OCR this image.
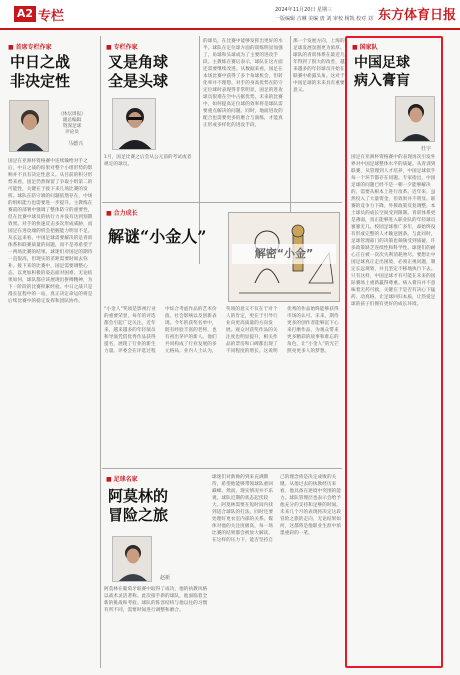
A2 专栏	2024年11月20日 星期三
一版编辑 吉琳 美编 唐 刘 审校 杨凯 校对 刘 东方体育日报
■ 首席专栏作家
中日之战
非决定性
《体坛周报》
副总编辑
资深足球
评论员
马德兴
国足在亚洲杯资格赛中连续输给对手之后，中日之战的结果对整个小组形势的影响并不具有决定性意义。从目前的积分形势来看，国足仍然保留了争取小组第二的可能性，关键在于接下来几场比赛的发挥。球队在防守端的问题依然存在，中场的组织能力也需要进一步提升。主教练在赛前的部署中强调了整体防守的重要性，但在比赛中球员的执行力并没有达到预期效果。对手的快速反击多次形成威胁，而国足在进攻端的机会把握能力明显不足。从长远来看，中国足球需要解决的是青训体系和联赛质量的问题，而不是寄希望于一两场比赛的结果。球迷们对国足的期待一直很高，但现实的差距需要时间去弥补。接下来的比赛中，国足需要调整心态，以更加积极的姿态面对困难。无论结果如何，球队都应该展现出拼搏精神，为下一阶段的比赛积累经验。中日之战只是漫长征程中的一站，真正决定命运的将是后续比赛中的稳定发挥和团队协作。
■ 专栏作家
叉是角球
全是头球
1月，国足比赛之后会从公元前的考试或者规定的球员。
的球员，在比赛中能够发挥出更好的水平。球队在定位球方面的训练明显加强了，角球和头球成为了主要的进攻手段。主教练在赛后表示，球队在这方面还需要继续改进。从数据来看，国足在本场比赛中获得了多个角球机会，但转化率并不理想。对手的身高优势在防守定位球时表现得非常明显，国足的进攻球员很难在空中占据优势。未来的比赛中，如何提高定位球的效率将是球队需要重点解决的问题。同时，地面进攻的配合也需要更多的磨合与演练，才能真正形成多样化的进攻手段。
那一个发展方向，上海的足球发展氛围更为浓厚。球队的青训体系在最近几年得到了很大的改善，越来越多的年轻球员开始在联赛中崭露头角。这对于中国足球的未来具有重要意义。
■ 合力成长
解谜“小金人”
解密“小金”
“小金人”奖项是影视行业的重要荣誉，每年的评选都会引起广泛关注。近年来，越来越多的年轻演员和导演凭借优秀作品获得提名，展现了行业的新生力量。评委会在评选过程中综合考虑作品的艺术价值、社会影响以及创新表现。今年的获奖名单中，既有经验丰富的老将，也有初出茅庐的新人。他们共同构成了行业发展的多元格局。业内人士认为，奖项的意义不仅在于对个人的肯定，更在于引导行业向更高质量的方向发展。观众对获奖作品的关注度也明显提升，相关作品的票房和口碑都出现了不同程度的增长。这说明优秀的作品始终能够获得市场的认可。未来，期待更多的创作者能够沉下心来打磨作品，为观众带来更多精彩的故事和难忘的角色，让“小金人”的光芒照亮更多人的梦想。
■ 足球名家
阿莫林的
冒险之旅
赵新
阿莫林在葡萄牙联赛中取得了成功，他的执教风格以战术灵活著称。此次接手新的球队，他面临着全新的挑战和考验。球队的阵容结构与他以往的习惯有所不同，需要时间进行调整和磨合。
球迷们对新帅的到来充满期待，希望他能够带领球队重回巅峰。然而，现实情况并不乐观，球队近期的状态起伏较大。阿莫林需要在短时间内找到适合球队的打法，同时还要处理好更衣室内部的关系。媒体对他的关注度极高，每一场比赛的结果都会被放大解读。在这样的压力下，能否坚持自己的理念将是决定成败的关键。从他过去的执教经历来看，他具备在逆境中突围的能力。球队管理层也表示会给予他充分的支持和足够的时间。未来几个月的表现将决定这段冒险之旅的走向，无论结果如何，这都将是他职业生涯中浓墨重彩的一笔。
■ 国家队
中国足球
病入膏肓
杜宇
国足在亚洲杯资格赛中的表现再次引发外界对中国足球整体水平的质疑。从青训到联赛，从管理到人才培养，中国足球似乎每一个环节都存在问题。专家指出，中国足球的问题已经不是一朝一夕能够解决的，需要从根本上进行改革。近年来，虽然投入了大量资金，但效果并不明显。联赛的竞争力下降，外援政策反复调整，本土球员的成长空间受到限制。青训体系更是薄弱，真正能够进入职业队的年轻球员寥寥无几。校园足球推广多年，却始终没有形成完整的人才输送链条。与此同时，足球管理部门的决策也频频受到质疑，许多政策缺乏连续性和科学性。球迷们的耐心正在被一次次失利消耗殆尽。要想让中国足球真正走出困境，必须正视问题，制定长远规划，并且坚定不移地执行下去。只有这样，中国足球才有可能在未来的国际赛场上重新赢得尊重。病入膏肓并不意味着无药可救，关键在于是否有决心下猛药、动真格，让足球回归本质，让热爱足球的孩子们拥有更好的成长环境。
